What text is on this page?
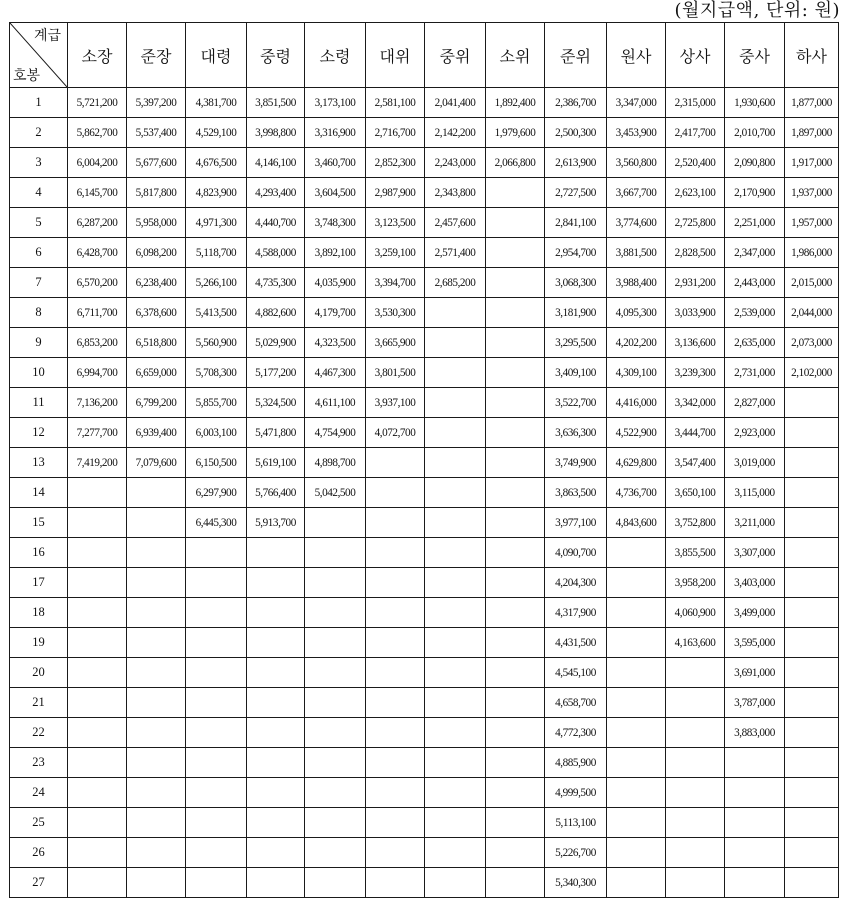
(월지급액, 단위: 원)
계급
호봉	소장	준장	대령	중령	소령	대위	중위	소위	준위	원사	상사	중사	하사
1	5,721,200	5,397,200	4,381,700	3,851,500	3,173,100	2,581,100	2,041,400	1,892,400	2,386,700	3,347,000	2,315,000	1,930,600	1,877,000
2	5,862,700	5,537,400	4,529,100	3,998,800	3,316,900	2,716,700	2,142,200	1,979,600	2,500,300	3,453,900	2,417,700	2,010,700	1,897,000
3	6,004,200	5,677,600	4,676,500	4,146,100	3,460,700	2,852,300	2,243,000	2,066,800	2,613,900	3,560,800	2,520,400	2,090,800	1,917,000
4	6,145,700	5,817,800	4,823,900	4,293,400	3,604,500	2,987,900	2,343,800		2,727,500	3,667,700	2,623,100	2,170,900	1,937,000
5	6,287,200	5,958,000	4,971,300	4,440,700	3,748,300	3,123,500	2,457,600		2,841,100	3,774,600	2,725,800	2,251,000	1,957,000
6	6,428,700	6,098,200	5,118,700	4,588,000	3,892,100	3,259,100	2,571,400		2,954,700	3,881,500	2,828,500	2,347,000	1,986,000
7	6,570,200	6,238,400	5,266,100	4,735,300	4,035,900	3,394,700	2,685,200		3,068,300	3,988,400	2,931,200	2,443,000	2,015,000
8	6,711,700	6,378,600	5,413,500	4,882,600	4,179,700	3,530,300			3,181,900	4,095,300	3,033,900	2,539,000	2,044,000
9	6,853,200	6,518,800	5,560,900	5,029,900	4,323,500	3,665,900			3,295,500	4,202,200	3,136,600	2,635,000	2,073,000
10	6,994,700	6,659,000	5,708,300	5,177,200	4,467,300	3,801,500			3,409,100	4,309,100	3,239,300	2,731,000	2,102,000
11	7,136,200	6,799,200	5,855,700	5,324,500	4,611,100	3,937,100			3,522,700	4,416,000	3,342,000	2,827,000	
12	7,277,700	6,939,400	6,003,100	5,471,800	4,754,900	4,072,700			3,636,300	4,522,900	3,444,700	2,923,000	
13	7,419,200	7,079,600	6,150,500	5,619,100	4,898,700				3,749,900	4,629,800	3,547,400	3,019,000	
14			6,297,900	5,766,400	5,042,500				3,863,500	4,736,700	3,650,100	3,115,000	
15			6,445,300	5,913,700					3,977,100	4,843,600	3,752,800	3,211,000	
16									4,090,700		3,855,500	3,307,000	
17									4,204,300		3,958,200	3,403,000	
18									4,317,900		4,060,900	3,499,000	
19									4,431,500		4,163,600	3,595,000	
20									4,545,100			3,691,000	
21									4,658,700			3,787,000	
22									4,772,300			3,883,000	
23									4,885,900				
24									4,999,500				
25									5,113,100				
26									5,226,700				
27									5,340,300				
